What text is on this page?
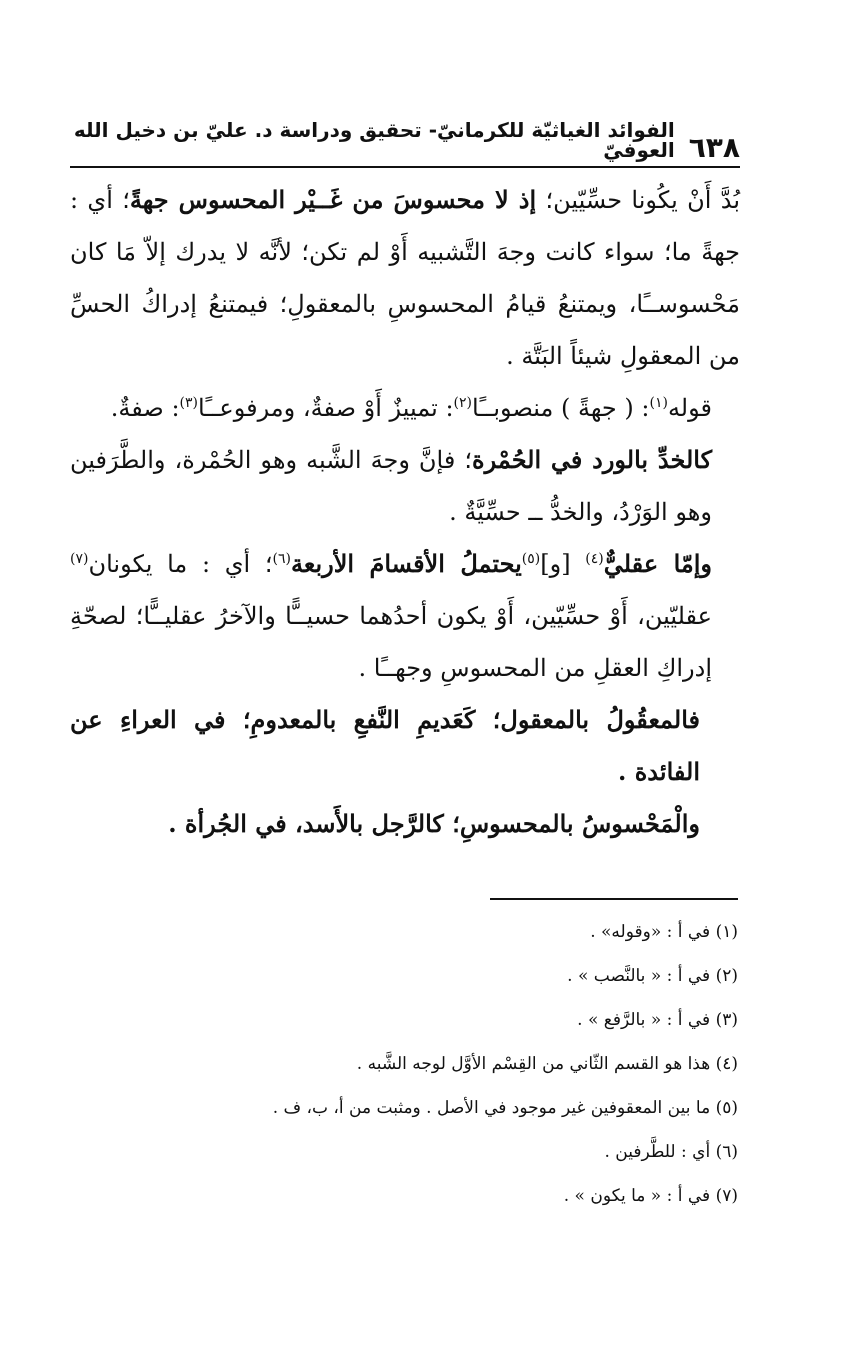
٦٣٨
الفوائد الغياثيّة للكرمانيّ- تحقيق ودراسة د. عليّ بن دخيل الله العوفيّ

بُدَّ أَنْ يكُونا حسِّيّين؛ إذ لا محسوسَ من غَــيْر المحسوس جهةً؛ أي : جهةً ما؛ سواء كانت وجهَ التَّشبيه أَوْ لم تكن؛ لأنَّه لا يدرك إلاّ مَا كان مَحْسوســًا، ويمتنعُ قيامُ المحسوسِ بالمعقولِ؛ فيمتنعُ إدراكُ الحسِّ من المعقولِ شيئاً البَتَّة .

قوله$^{(١)}$: ( جهةً ) منصوبــًا$^{(٢)}$: تمييزٌ أَوْ صفةٌ، ومرفوعــًا$^{(٣)}$: صفةٌ.

كالخدِّ بالورد في الحُمْرة؛ فإنَّ وجهَ الشَّبه وهو الحُمْرة، والطَّرَفين وهو الوَرْدُ، والخدُّ ــ حسِّيَّةٌ .

وإمّا عقليٌّ$^{(٤)}$ [و]$^{(٥)}$يحتملُ الأقسامَ الأربعة$^{(٦)}$؛ أي : ما يكونان$^{(٧)}$ عقليّين، أَوْ حسِّيّين، أَوْ يكون أحدُهما حسيــًّا والآخرُ عقليــًّا؛ لصحّةِ إدراكِ العقلِ من المحسوسِ وجهــًا .

فالمعقُولُ بالمعقول؛ كَعَديمِ النَّفعِ بالمعدومِ؛ في العراءِ عن الفائدة .

والْمَحْسوسُ بالمحسوسِ؛ كالرَّجل بالأَسد، في الجُرأة .

(١) في أ : «وقوله» .
(٢) في أ : « بالنَّصب » .
(٣) في أ : « بالرَّفع » .
(٤) هذا هو القسم الثّاني من القِسْم الأوَّل لوجه الشَّبه .
(٥) ما بين المعقوفين غير موجود في الأصل . ومثبت من أ، ب، ف .
(٦) أي : للطَّرفين .
(٧) في أ : « ما يكون » .
